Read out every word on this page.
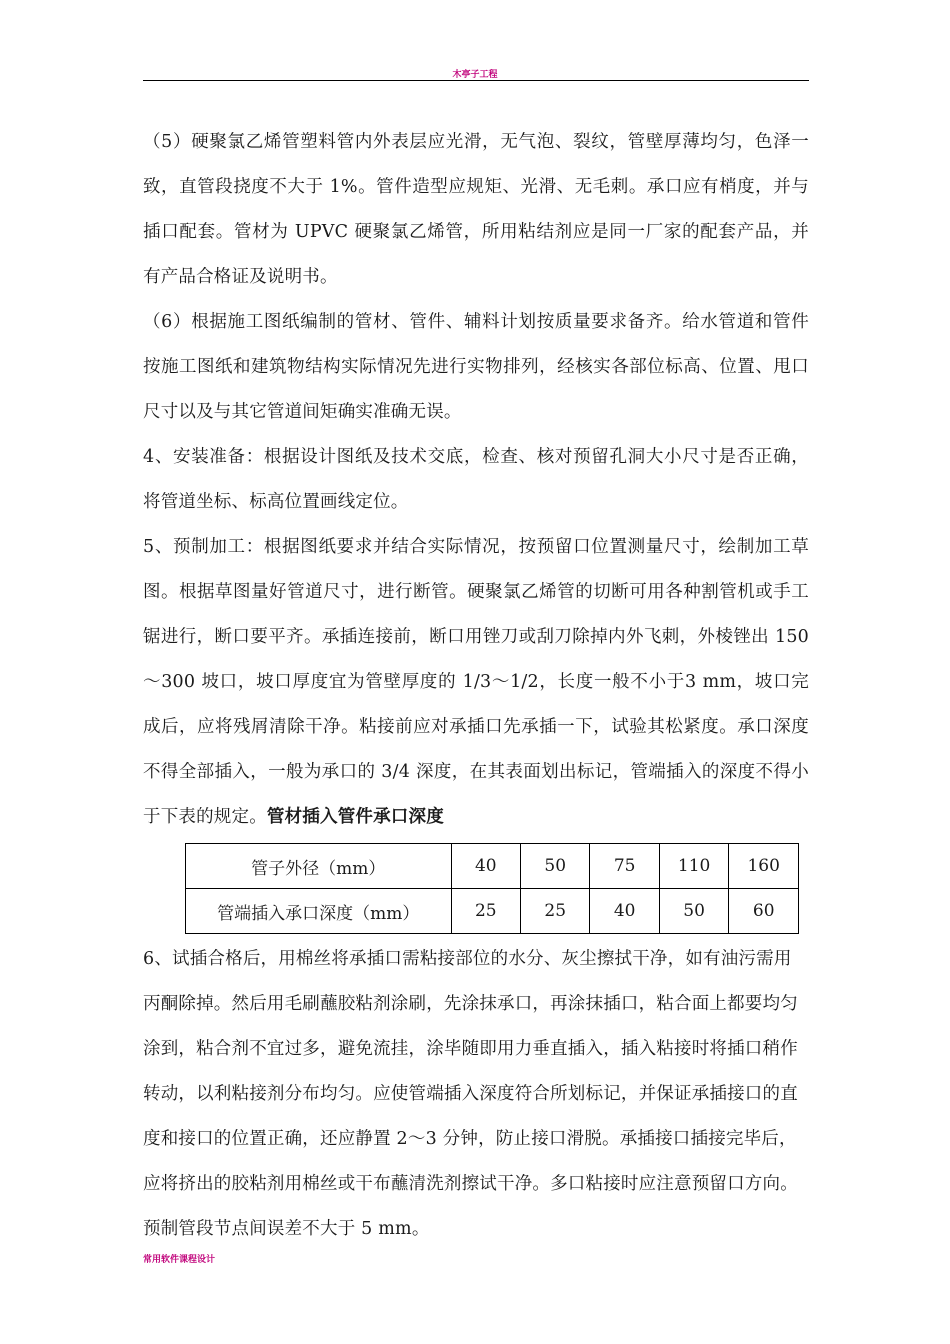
木亭子工程

（5）硬聚氯乙烯管塑料管内外表层应光滑，无气泡、裂纹，管壁厚薄均匀，色泽一致，直管段挠度不大于 1%。管件造型应规矩、光滑、无毛刺。承口应有梢度，并与插口配套。管材为 UPVC 硬聚氯乙烯管，所用粘结剂应是同一厂家的配套产品，并有产品合格证及说明书。

（6）根据施工图纸编制的管材、管件、辅料计划按质量要求备齐。给水管道和管件按施工图纸和建筑物结构实际情况先进行实物排列，经核实各部位标高、位置、甩口尺寸以及与其它管道间矩确实准确无误。

4、安装准备：根据设计图纸及技术交底，检查、核对预留孔洞大小尺寸是否正确，将管道坐标、标高位置画线定位。

5、预制加工：根据图纸要求并结合实际情况，按预留口位置测量尺寸，绘制加工草图。根据草图量好管道尺寸，进行断管。硬聚氯乙烯管的切断可用各种割管机或手工锯进行，断口要平齐。承插连接前，断口用锉刀或刮刀除掉内外飞刺，外棱锉出 150～300 坡口，坡口厚度宜为管壁厚度的 1/3～1/2，长度一般不小于3 mm，坡口完成后，应将残屑清除干净。粘接前应对承插口先承插一下，试验其松紧度。承口深度不得全部插入，一般为承口的 3/4 深度，在其表面划出标记，管端插入的深度不得小于下表的规定。管材插入管件承口深度

管子外径（mm）	40	50	75	110	160
管端插入承口深度（mm）	25	25	40	50	60

6、试插合格后，用棉丝将承插口需粘接部位的水分、灰尘擦拭干净，如有油污需用丙酮除掉。然后用毛刷蘸胶粘剂涂刷，先涂抹承口，再涂抹插口，粘合面上都要均匀涂到，粘合剂不宜过多，避免流挂，涂毕随即用力垂直插入，插入粘接时将插口稍作转动，以利粘接剂分布均匀。应使管端插入深度符合所划标记，并保证承插接口的直度和接口的位置正确，还应静置 2～3 分钟，防止接口滑脱。承插接口插接完毕后，应将挤出的胶粘剂用棉丝或干布蘸清洗剂擦试干净。多口粘接时应注意预留口方向。预制管段节点间误差不大于 5 mm。

常用软件课程设计
